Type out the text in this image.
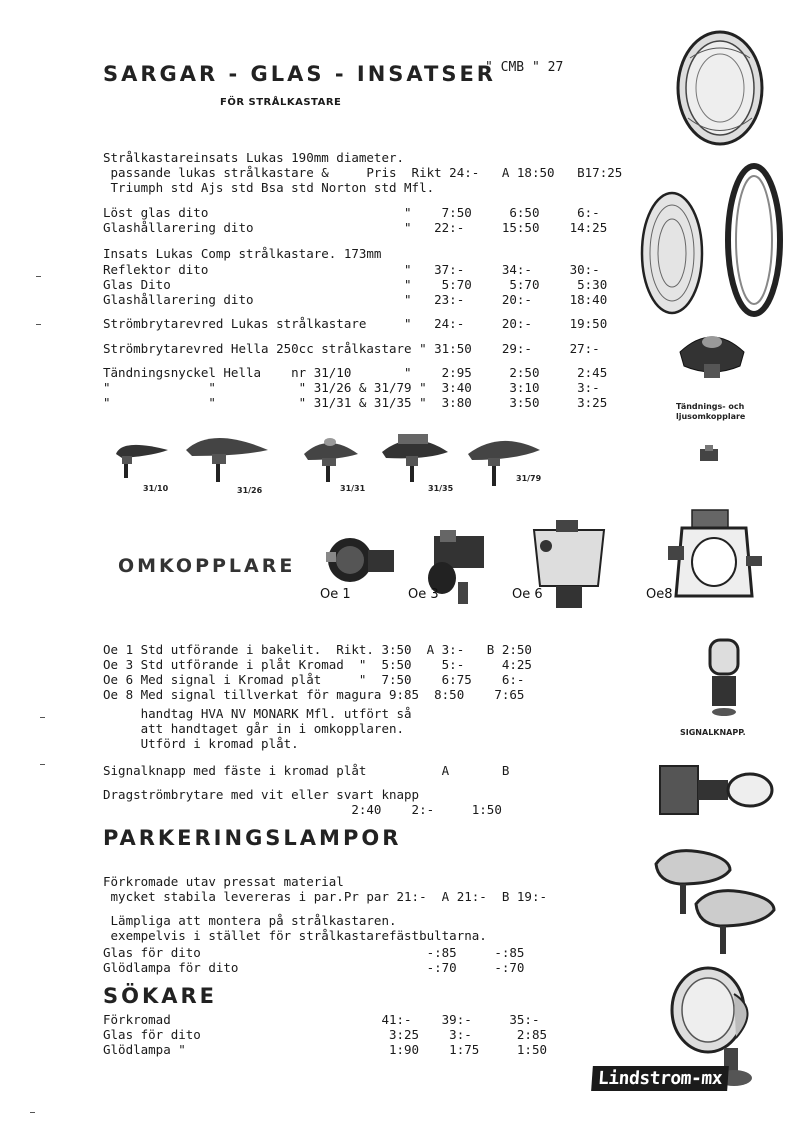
SARGAR - GLAS - INSATSER
" CMB " 27
FÖR STRÅLKASTARE
Strålkastareinsats Lukas 190mm diameter.
passande lukas strålkastare &     Pris  Rikt 24:-   A 18:50   B17:25
Triumph std Ajs std Bsa std Norton std Mfl.
Löst glas dito                          "    7:50     6:50     6:-
Glashållarering dito                    "   22:-     15:50    14:25
Insats Lukas Comp strålkastare. 173mm
Reflektor dito                          "   37:-     34:-     30:-
Glas Dito                               "    5:70     5:70     5:30
Glashållarering dito                    "   23:-     20:-     18:40
Strömbrytarevred Lukas strålkastare     "   24:-     20:-     19:50
Strömbrytarevred Hella 250cc strålkastare " 31:50    29:-     27:-
Tändningsnyckel Hella    nr 31/10       "    2:95     2:50     2:45
"             "           " 31/26 & 31/79 "  3:40     3:10     3:-
"             "           " 31/31 & 31/35 "  3:80     3:50     3:25	Tändnings- och ljusomkopplare
31/10	31/26	31/31	31/35
31/79
OMKOPPLARE
Oe 1	Oe 3	Oe 6	Oe8
Oe 1 Std utförande i bakelit.  Rikt. 3:50  A 3:-   B 2:50
Oe 3 Std utförande i plåt Kromad  "  5:50    5:-     4:25
Oe 6 Med signal i Kromad plåt     "  7:50    6:75    6:-
Oe 8 Med signal tillverkat för magura 9:85  8:50    7:65
handtag HVA NV MONARK Mfl. utfört så
att handtaget går in i omkopplaren.
Utförd i kromad plåt.
Signalknapp med fäste i kromad plåt          A       B
Dragströmbrytare med vit eller svart knapp
2:40    2:-     1:50
SIGNALKNAPP.
PARKERINGSLAMPOR
Förkromade utav pressat material
mycket stabila levereras i par.Pr par 21:-  A 21:-  B 19:-
Lämpliga att montera på strålkastaren.
exempelvis i stället för strålkastarefästbultarna.
Glas för dito                              -:85     -:85
Glödlampa för dito                         -:70     -:70
SÖKARE
Förkromad                            41:-    39:-     35:-
Glas för dito                         3:25    3:-      2:85
Glödlampa "                           1:90    1:75     1:50
Lindstrom-mx
